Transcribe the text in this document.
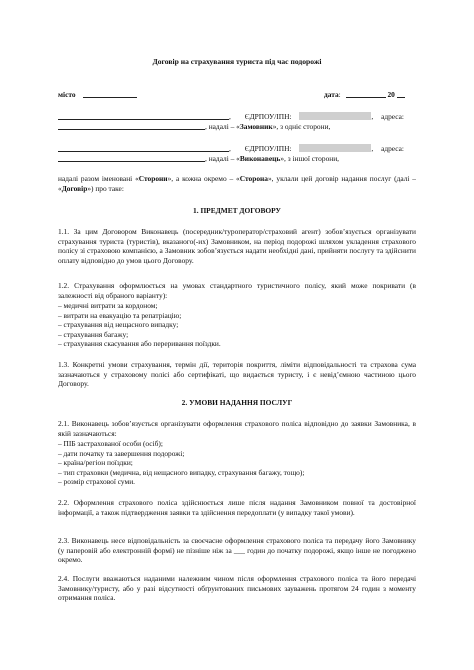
Договір на страхування туриста під час подорожі
місто	дата:	20
, ЄДРПОУ/ІПН:	, адреса:
, надалі – «Замовник», з одніє сторони,
, ЄДРПОУ/ІПН:	, адреса:
, надалі – «Виконавець», з іншої сторони,
надалі разом іменовані «Сторони», а кожна окремо – «Сторона», уклали цей договір надання послуг (далі – «Договір») про таке:
1. ПРЕДМЕТ ДОГОВОРУ
1.1. За цим Договором Виконавець (посередник/туроператор/страховий агент) зобов’язується організувати страхування туриста (туристів), вказаного(-их) Замовником, на період подорожі шляхом укладення страхового полісу зі страховою компанією, а Замовник зобов’язується надати необхідні дані, прийняти послугу та здійснити оплату відповідно до умов цього Договору.
1.2. Страхування оформлюється на умовах стандартного туристичного полісу, який може покривати (в залежності від обраного варіанту):
– медичні витрати за кордоном;
– витрати на евакуацію та репатріацію;
– страхування від нещасного випадку;
– страхування багажу;
– страхування скасування або переривання поїздки.
1.3. Конкретні умови страхування, термін дії, територія покриття, ліміти відповідальності та страхова сума зазначаються у страховому полісі або сертифікаті, що видається туристу, і є невід’ємною частиною цього Договору.
2. УМОВИ НАДАННЯ ПОСЛУГ
2.1. Виконавець зобов’язується організувати оформлення страхового поліса відповідно до заявки Замовника, в якій зазначаються:
– ПІБ застрахованої особи (осіб);
– дати початку та завершення подорожі;
– країна/регіон поїздки;
– тип страховки (медична, від нещасного випадку, страхування багажу, тощо);
– розмір страхової суми.
2.2. Оформлення страхового поліса здійснюється лише після надання Замовником повної та достовірної інформації, а також підтвердження заявки та здійснення передоплати (у випадку такої умови).
2.3. Виконавець несе відповідальність за своєчасне оформлення страхового поліса та передачу його Замовнику (у паперовій або електронній формі) не пізніше ніж за ___ годин до початку подорожі, якщо інше не погоджено окремо.
2.4. Послуги вважаються наданими належним чином після оформлення страхового поліса та його передачі Замовнику/туристу, або у разі відсутності обґрунтованих письмових зауважень протягом 24 годин з моменту отримання поліса.
